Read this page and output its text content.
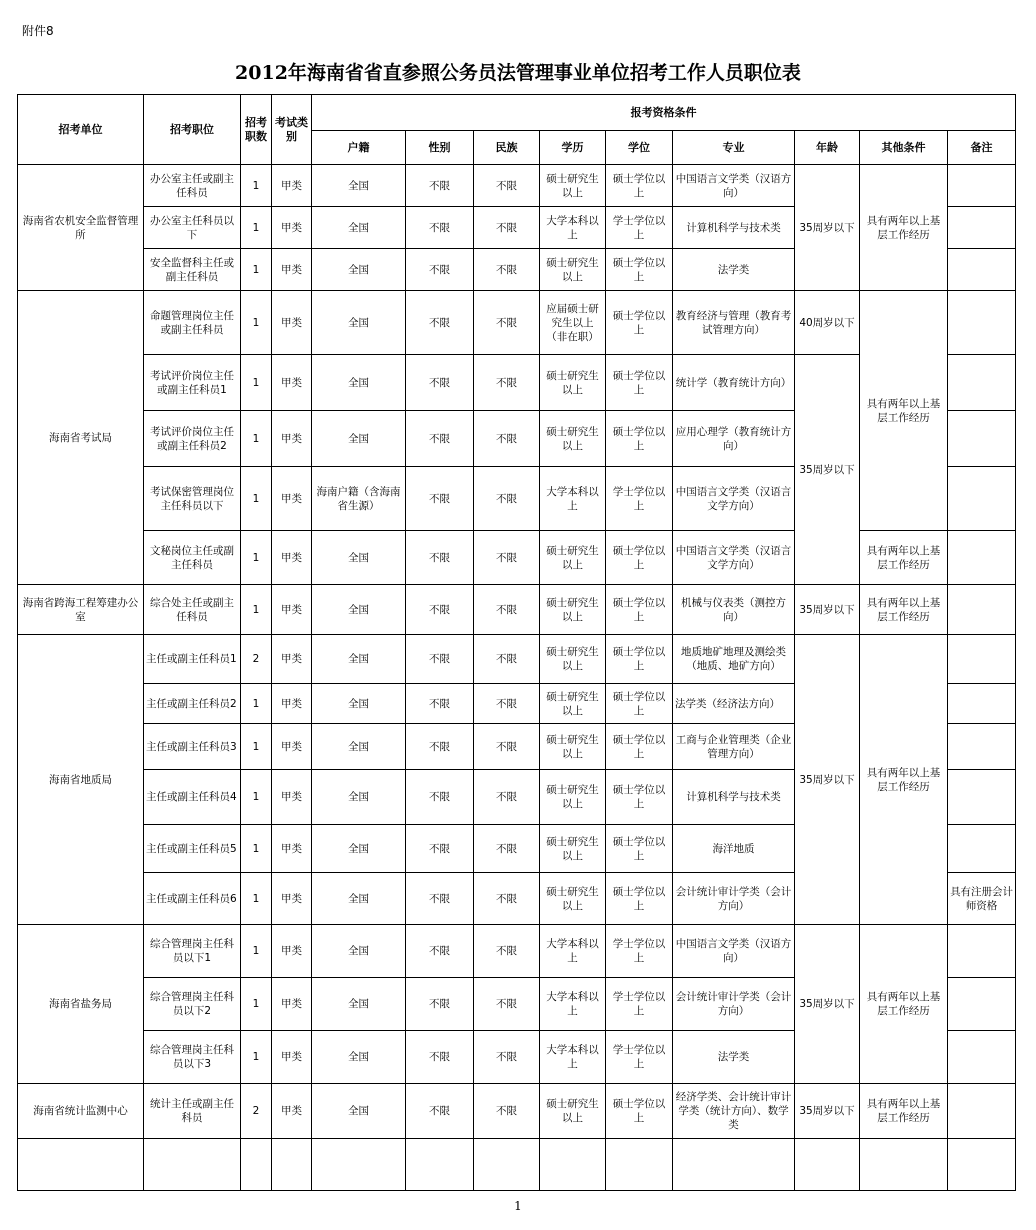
附件8
2012年海南省省直参照公务员法管理事业单位招考工作人员职位表
招考单位	招考职位	招考职数	考试类别	报考资格条件								
				户籍	性别	民族	学历	学位	专业	年龄	其他条件	备注
海南省农机安全监督管理所	办公室主任或副主任科员	1	甲类	全国	不限	不限	硕士研究生以上	硕士学位以上	中国语言文学类（汉语方向）	35周岁以下	具有两年以上基层工作经历	
	办公室主任科员以下	1	甲类	全国	不限	不限	大学本科以上	学士学位以上	计算机科学与技术类			
	安全监督科主任或副主任科员	1	甲类	全国	不限	不限	硕士研究生以上	硕士学位以上	法学类			
海南省考试局	命题管理岗位主任或副主任科员	1	甲类	全国	不限	不限	应届硕士研究生以上（非在职）	硕士学位以上	教育经济与管理（教育考试管理方向）	40周岁以下	具有两年以上基层工作经历	
	考试评价岗位主任或副主任科员1	1	甲类	全国	不限	不限	硕士研究生以上	硕士学位以上	统计学（教育统计方向）	35周岁以下		
	考试评价岗位主任或副主任科员2	1	甲类	全国	不限	不限	硕士研究生以上	硕士学位以上	应用心理学（教育统计方向）			
	考试保密管理岗位主任科员以下	1	甲类	海南户籍（含海南省生源）	不限	不限	大学本科以上	学士学位以上	中国语言文学类（汉语言文学方向）			
	文秘岗位主任或副主任科员	1	甲类	全国	不限	不限	硕士研究生以上	硕士学位以上	中国语言文学类（汉语言文学方向）		具有两年以上基层工作经历	
海南省跨海工程筹建办公室	综合处主任或副主任科员	1	甲类	全国	不限	不限	硕士研究生以上	硕士学位以上	机械与仪表类（测控方向）	35周岁以下	具有两年以上基层工作经历	
海南省地质局	主任或副主任科员1	2	甲类	全国	不限	不限	硕士研究生以上	硕士学位以上	地质地矿地理及测绘类（地质、地矿方向）	35周岁以下	具有两年以上基层工作经历	
	主任或副主任科员2	1	甲类	全国	不限	不限	硕士研究生以上	硕士学位以上	法学类（经济法方向）			
	主任或副主任科员3	1	甲类	全国	不限	不限	硕士研究生以上	硕士学位以上	工商与企业管理类（企业管理方向）			
	主任或副主任科员4	1	甲类	全国	不限	不限	硕士研究生以上	硕士学位以上	计算机科学与技术类			
	主任或副主任科员5	1	甲类	全国	不限	不限	硕士研究生以上	硕士学位以上	海洋地质			
	主任或副主任科员6	1	甲类	全国	不限	不限	硕士研究生以上	硕士学位以上	会计统计审计学类（会计方向）			具有注册会计师资格
海南省盐务局	综合管理岗主任科员以下1	1	甲类	全国	不限	不限	大学本科以上	学士学位以上	中国语言文学类（汉语方向）	35周岁以下	具有两年以上基层工作经历	
	综合管理岗主任科员以下2	1	甲类	全国	不限	不限	大学本科以上	学士学位以上	会计统计审计学类（会计方向）			
	综合管理岗主任科员以下3	1	甲类	全国	不限	不限	大学本科以上	学士学位以上	法学类			
海南省统计监测中心	统计主任或副主任科员	2	甲类	全国	不限	不限	硕士研究生以上	硕士学位以上	经济学类、会计统计审计学类（统计方向）、数学类	35周岁以下	具有两年以上基层工作经历	

1
